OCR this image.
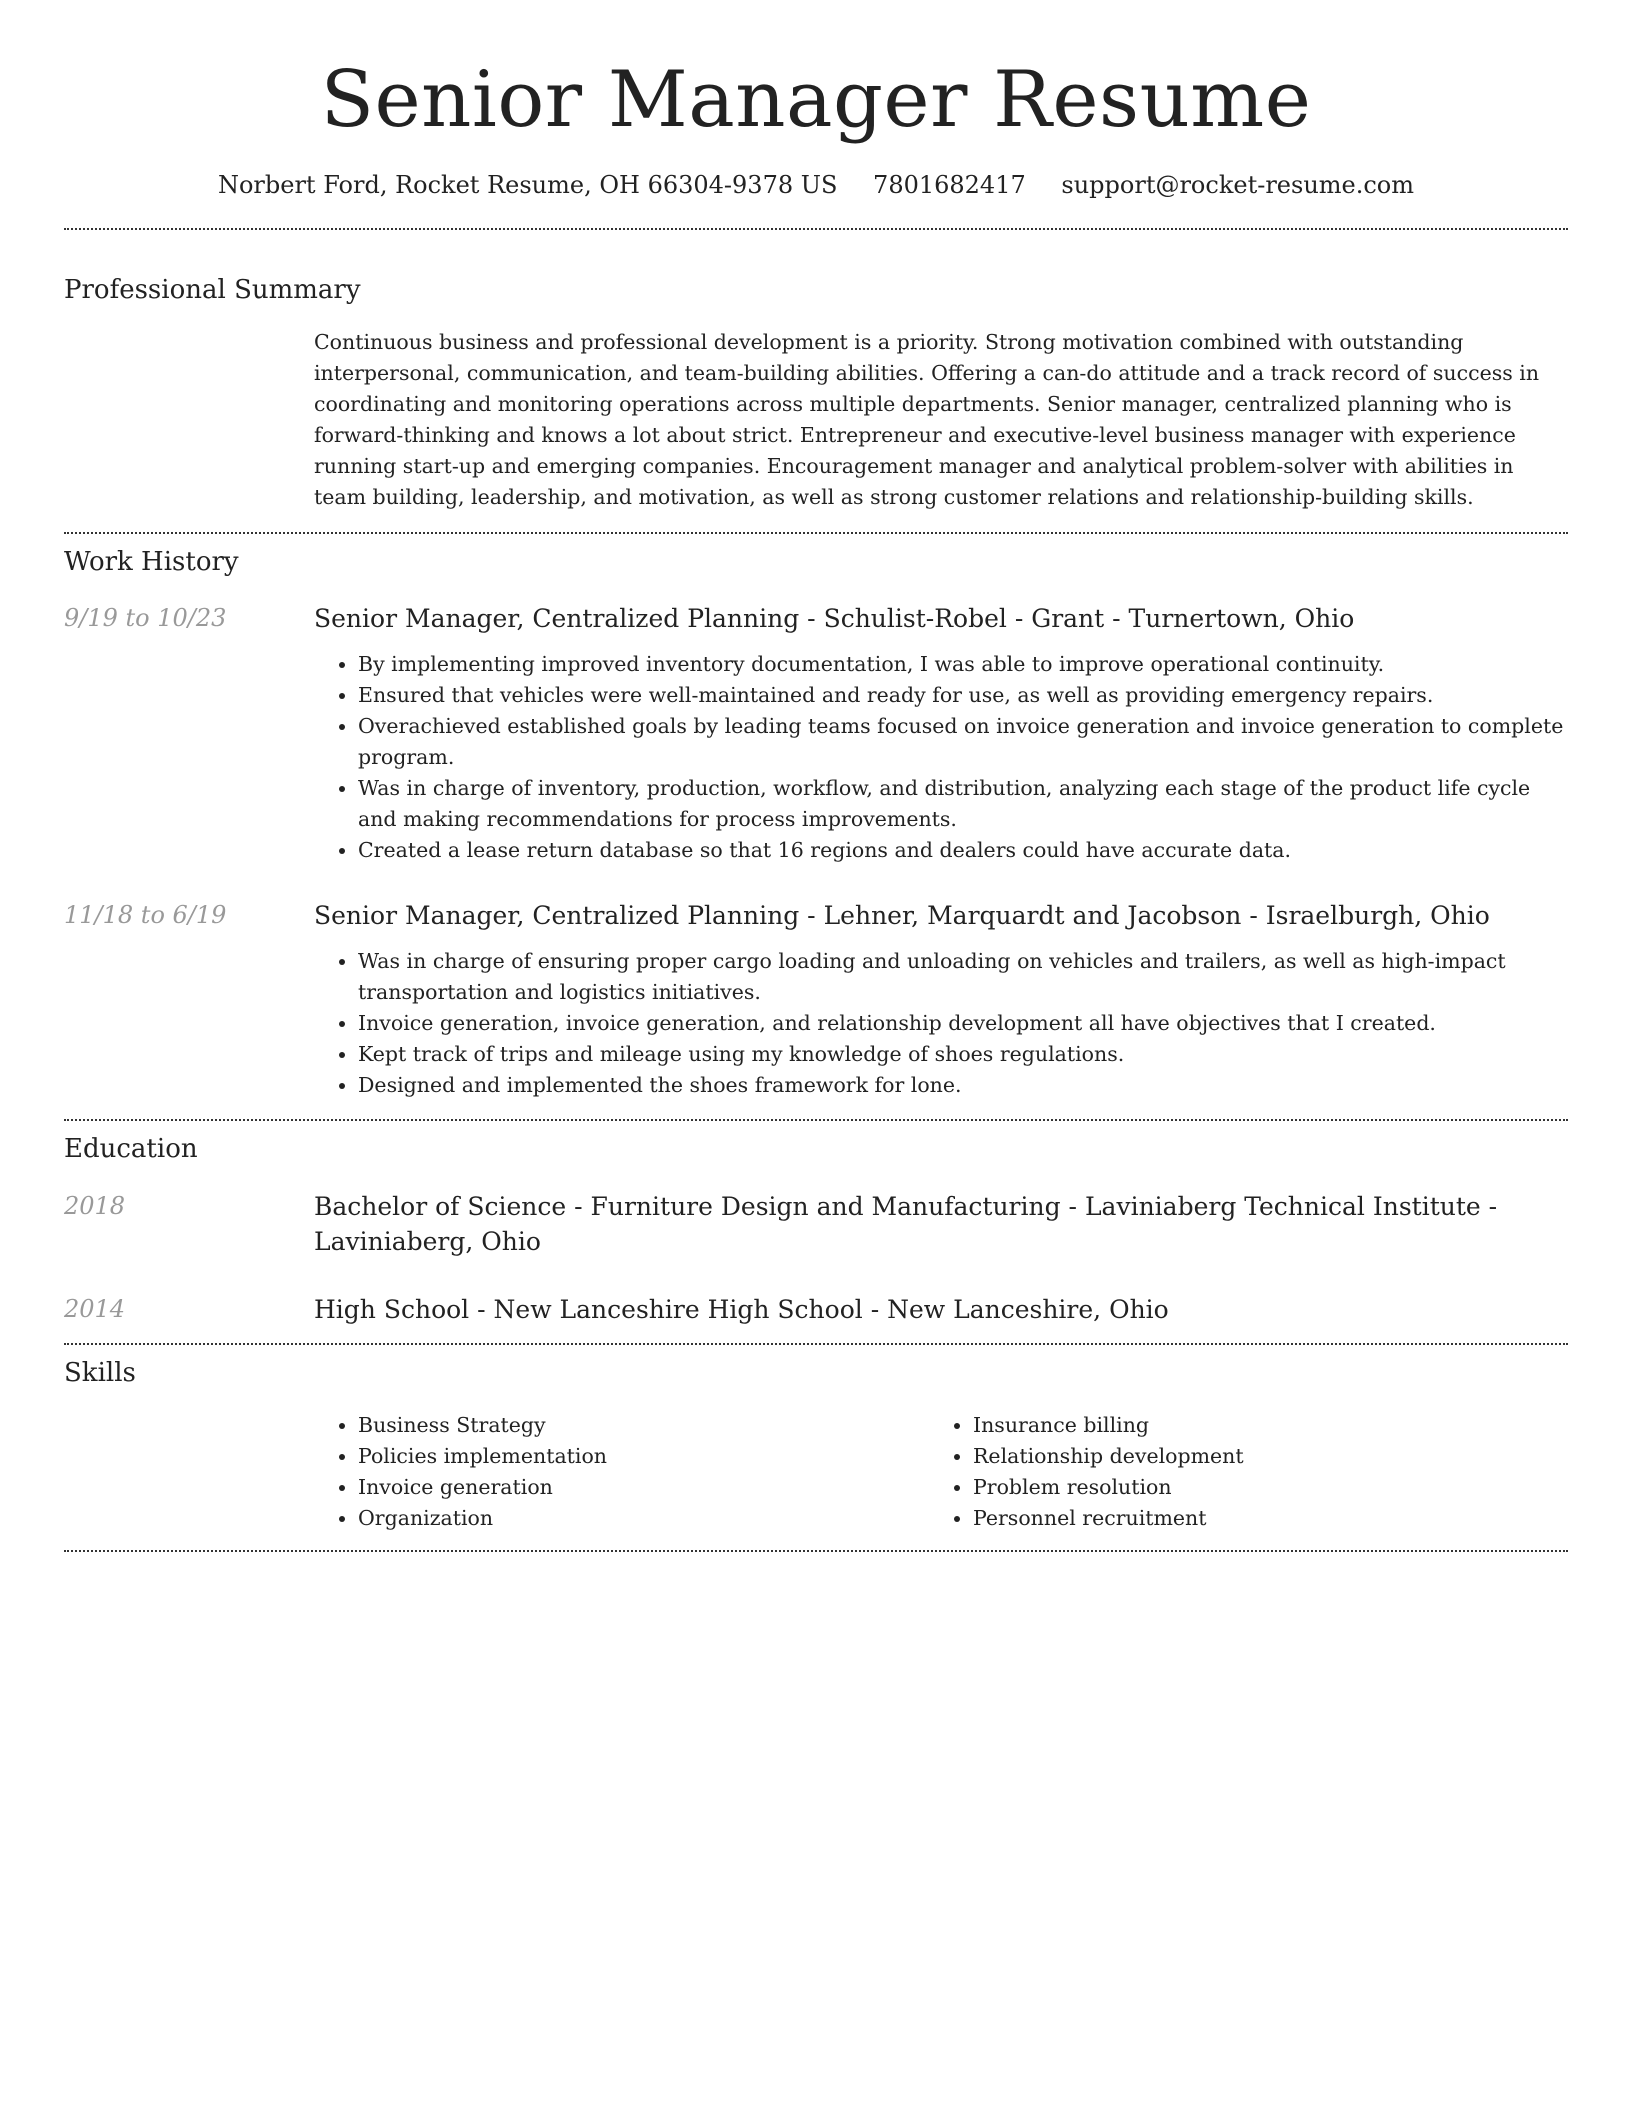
Senior Manager Resume
Norbert Ford, Rocket Resume, OH 66304-9378 US 7801682417 support@rocket-resume.com
Professional Summary

Continuous business and professional development is a priority. Strong motivation combined with outstanding interpersonal, communication, and team-building abilities. Offering a can-do attitude and a track record of success in coordinating and monitoring operations across multiple departments. Senior manager, centralized planning who is forward-thinking and knows a lot about strict. Entrepreneur and executive-level business manager with experience running start-up and emerging companies. Encouragement manager and analytical problem-solver with abilities in team building, leadership, and motivation, as well as strong customer relations and relationship-building skills.

Work History
9/19 to 10/23	Senior Manager, Centralized Planning - Schulist-Robel - Grant - Turnertown, Ohio
• By implementing improved inventory documentation, I was able to improve operational continuity.
• Ensured that vehicles were well-maintained and ready for use, as well as providing emergency repairs.
• Overachieved established goals by leading teams focused on invoice generation and invoice generation to complete program.
• Was in charge of inventory, production, workflow, and distribution, analyzing each stage of the product life cycle and making recommendations for process improvements.
• Created a lease return database so that 16 regions and dealers could have accurate data.
11/18 to 6/19	Senior Manager, Centralized Planning - Lehner, Marquardt and Jacobson - Israelburgh, Ohio
• Was in charge of ensuring proper cargo loading and unloading on vehicles and trailers, as well as high-impact transportation and logistics initiatives.
• Invoice generation, invoice generation, and relationship development all have objectives that I created.
• Kept track of trips and mileage using my knowledge of shoes regulations.
• Designed and implemented the shoes framework for lone.
Education
2018	Bachelor of Science - Furniture Design and Manufacturing - Laviniaberg Technical Institute - Laviniaberg, Ohio
2014	High School - New Lanceshire High School - New Lanceshire, Ohio
Skills
• Business Strategy
• Policies implementation
• Invoice generation
• Organization
• Insurance billing
• Relationship development
• Problem resolution
• Personnel recruitment
